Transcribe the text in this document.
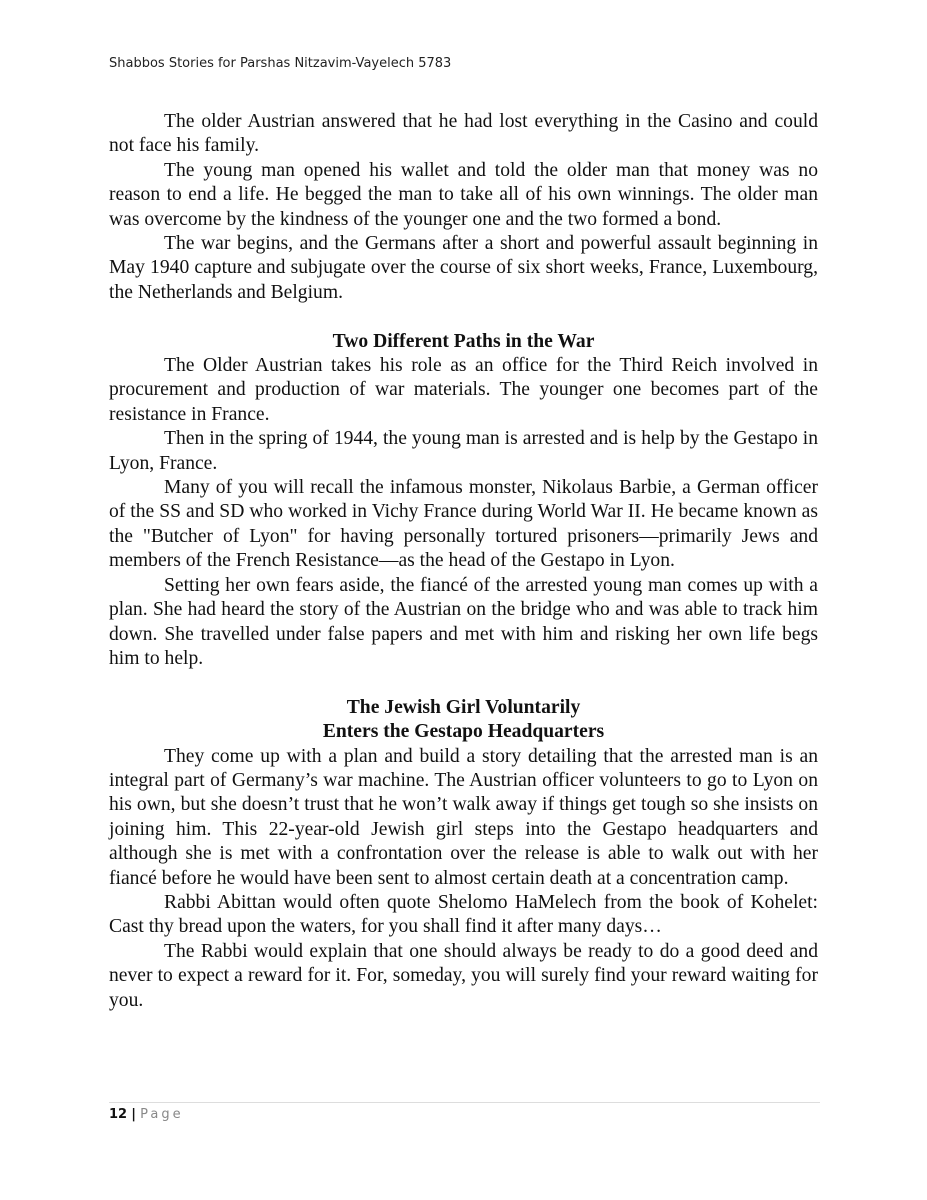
Shabbos Stories for Parshas Nitzavim-Vayelech 5783

The older Austrian answered that he had lost everything in the Casino and could not face his family.

The young man opened his wallet and told the older man that money was no reason to end a life. He begged the man to take all of his own winnings. The older man was overcome by the kindness of the younger one and the two formed a bond.

The war begins, and the Germans after a short and powerful assault beginning in May 1940 capture and subjugate over the course of six short weeks, France, Luxembourg, the Netherlands and Belgium.

Two Different Paths in the War

The Older Austrian takes his role as an office for the Third Reich involved in procurement and production of war materials. The younger one becomes part of the resistance in France.

Then in the spring of 1944, the young man is arrested and is help by the Gestapo in Lyon, France.

Many of you will recall the infamous monster, Nikolaus Barbie, a German officer of the SS and SD who worked in Vichy France during World War II. He became known as the "Butcher of Lyon" for having personally tortured prisoners—primarily Jews and members of the French Resistance—as the head of the Gestapo in Lyon.

Setting her own fears aside, the fiancé of the arrested young man comes up with a plan. She had heard the story of the Austrian on the bridge who and was able to track him down. She travelled under false papers and met with him and risking her own life begs him to help.

The Jewish Girl Voluntarily
Enters the Gestapo Headquarters

They come up with a plan and build a story detailing that the arrested man is an integral part of Germany’s war machine. The Austrian officer volunteers to go to Lyon on his own, but she doesn’t trust that he won’t walk away if things get tough so she insists on joining him. This 22-year-old Jewish girl steps into the Gestapo headquarters and although she is met with a confrontation over the release is able to walk out with her fiancé before he would have been sent to almost certain death at a concentration camp.

Rabbi Abittan would often quote Shelomo HaMelech from the book of Kohelet: Cast thy bread upon the waters, for you shall find it after many days…

The Rabbi would explain that one should always be ready to do a good deed and never to expect a reward for it. For, someday, you will surely find your reward waiting for you.

12 | Page
